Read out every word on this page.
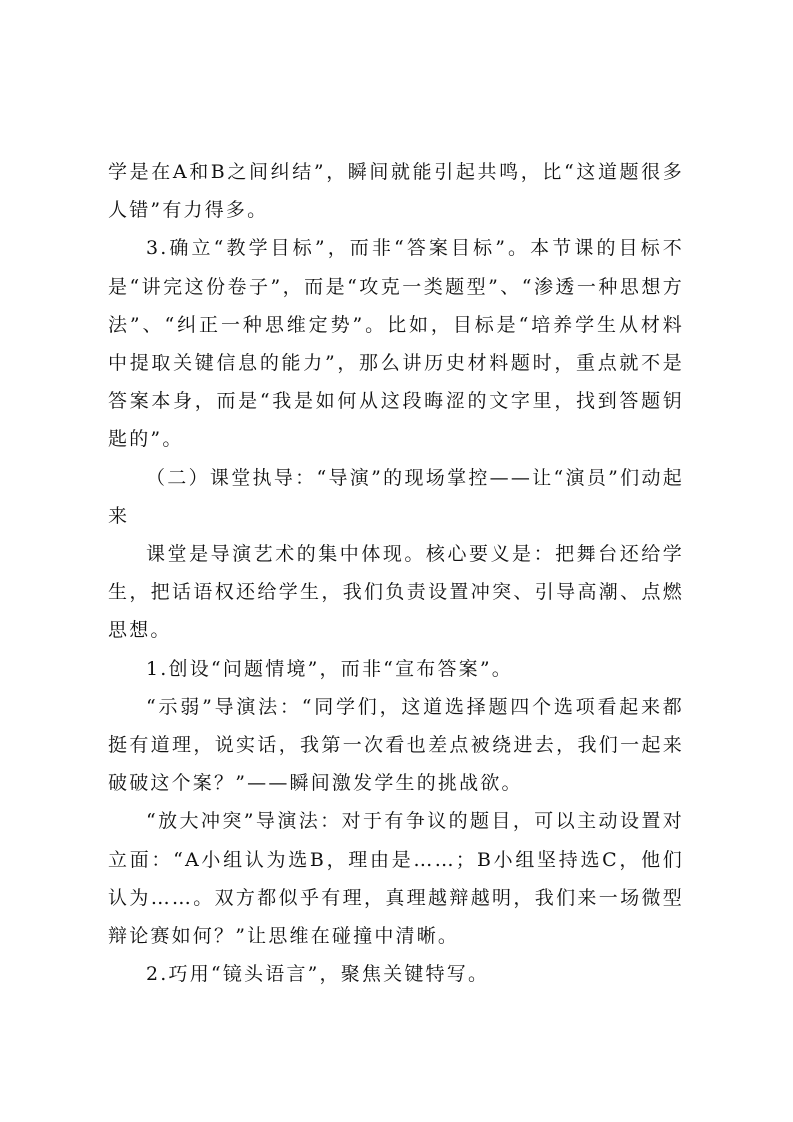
学是在A和B之间纠结”，瞬间就能引起共鸣，比“这道题很多人错”有力得多。

3.确立“教学目标”，而非“答案目标”。本节课的目标不是“讲完这份卷子”，而是“攻克一类题型”、“渗透一种思想方法”、“纠正一种思维定势”。比如，目标是“培养学生从材料中提取关键信息的能力”，那么讲历史材料题时，重点就不是答案本身，而是“我是如何从这段晦涩的文字里，找到答题钥匙的”。

（二）课堂执导：“导演”的现场掌控——让“演员”们动起来

课堂是导演艺术的集中体现。核心要义是：把舞台还给学生，把话语权还给学生，我们负责设置冲突、引导高潮、点燃思想。

1.创设“问题情境”，而非“宣布答案”。

“示弱”导演法：“同学们，这道选择题四个选项看起来都挺有道理，说实话，我第一次看也差点被绕进去，我们一起来破破这个案？”——瞬间激发学生的挑战欲。

“放大冲突”导演法：对于有争议的题目，可以主动设置对立面：“A小组认为选B，理由是……；B小组坚持选C，他们认为……。双方都似乎有理，真理越辩越明，我们来一场微型辩论赛如何？”让思维在碰撞中清晰。

2.巧用“镜头语言”，聚焦关键特写。
